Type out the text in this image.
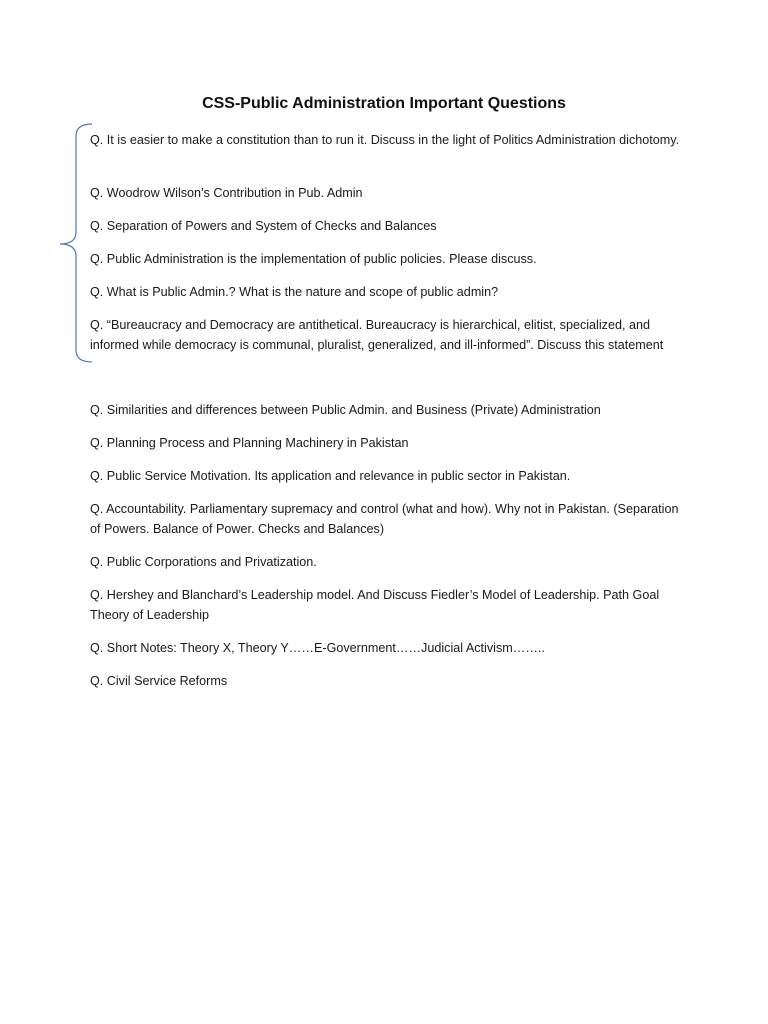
CSS-Public Administration Important Questions
Q. It is easier to make a constitution than to run it. Discuss in the light of Politics Administration dichotomy.
Q. Woodrow Wilson’s Contribution in Pub. Admin
Q. Separation of Powers and System of Checks and Balances
Q. Public Administration is the implementation of public policies. Please discuss.
Q. What is Public Admin.? What is the nature and scope of public admin?
Q. “Bureaucracy and Democracy are antithetical. Bureaucracy is hierarchical, elitist, specialized, and informed while democracy is communal, pluralist, generalized, and ill-informed”. Discuss this statement
Q. Similarities and differences between Public Admin. and Business (Private) Administration
Q. Planning Process and Planning Machinery in Pakistan
Q. Public Service Motivation. Its application and relevance in public sector in Pakistan.
Q. Accountability. Parliamentary supremacy and control (what and how). Why not in Pakistan. (Separation of Powers. Balance of Power. Checks and Balances)
Q. Public Corporations and Privatization.
Q. Hershey and Blanchard’s Leadership model. And Discuss Fiedler’s Model of Leadership. Path Goal Theory of Leadership
Q. Short Notes: Theory X, Theory Y……E-Government……Judicial Activism……..
Q. Civil Service Reforms
